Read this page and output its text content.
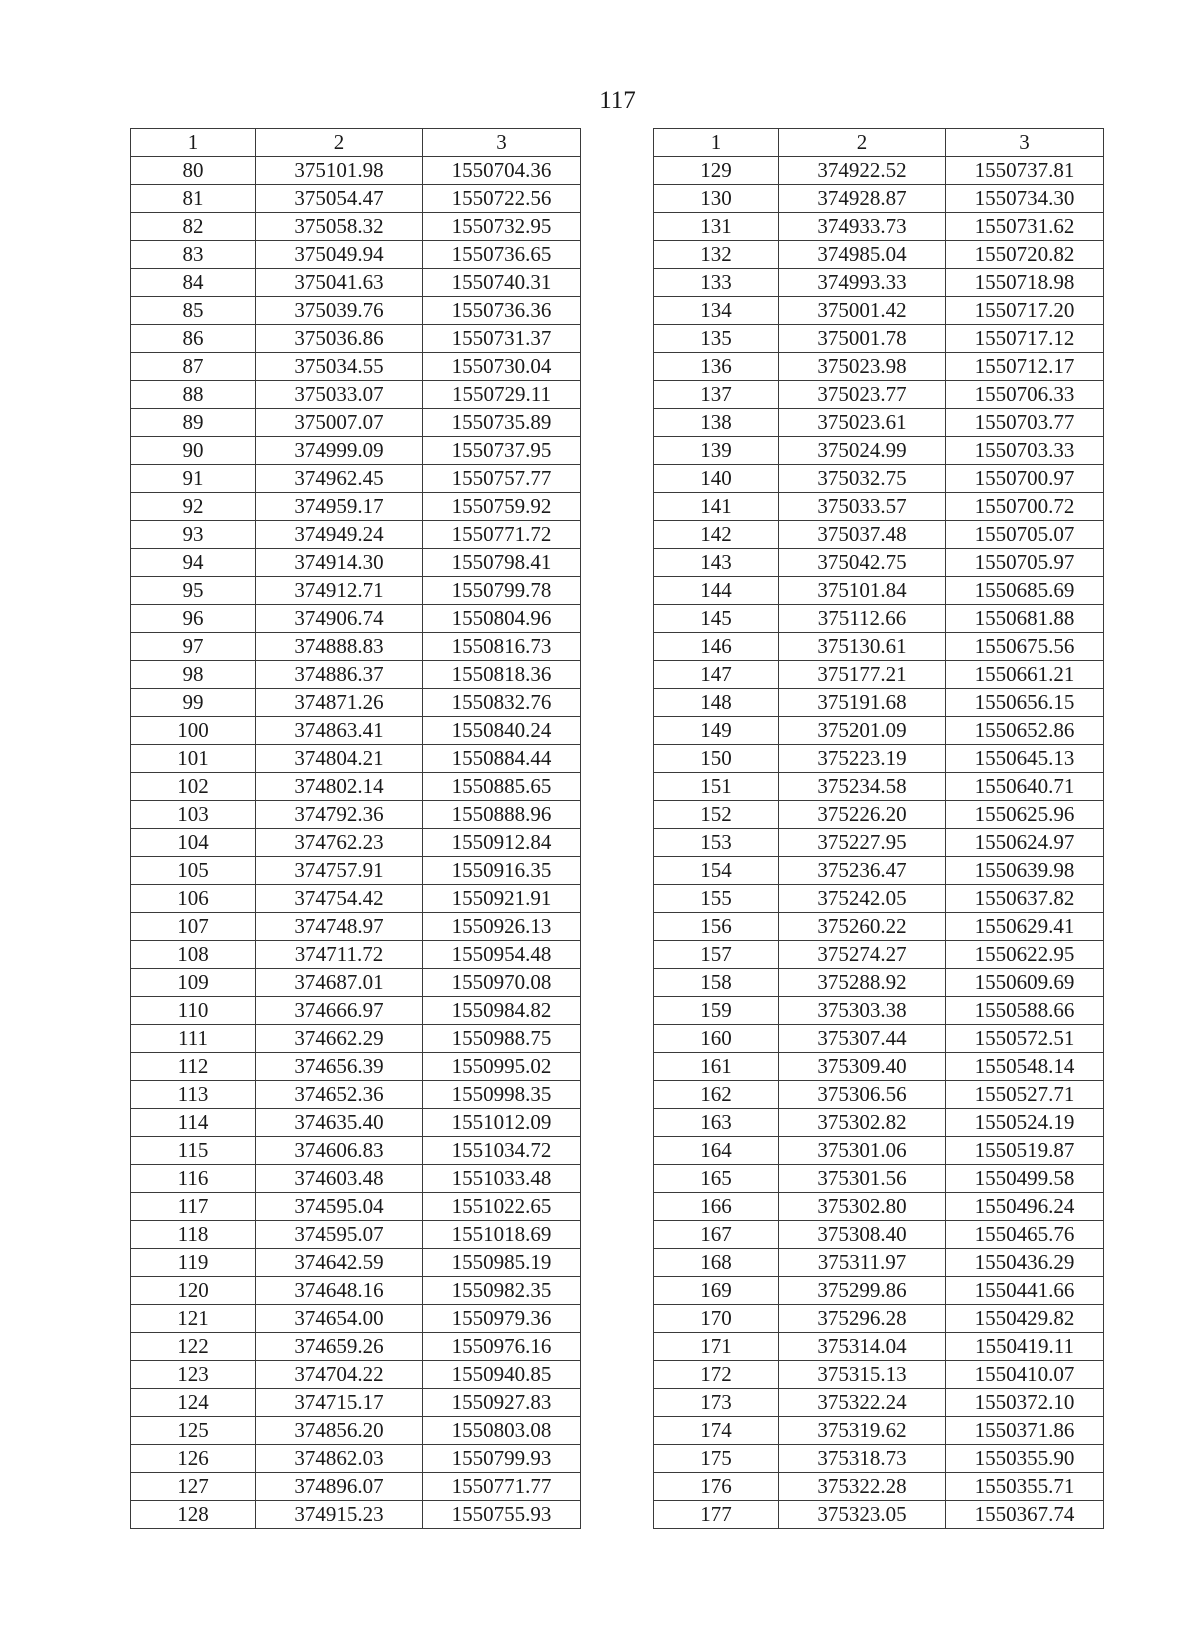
117
1	2	3
80	375101.98	1550704.36
81	375054.47	1550722.56
82	375058.32	1550732.95
83	375049.94	1550736.65
84	375041.63	1550740.31
85	375039.76	1550736.36
86	375036.86	1550731.37
87	375034.55	1550730.04
88	375033.07	1550729.11
89	375007.07	1550735.89
90	374999.09	1550737.95
91	374962.45	1550757.77
92	374959.17	1550759.92
93	374949.24	1550771.72
94	374914.30	1550798.41
95	374912.71	1550799.78
96	374906.74	1550804.96
97	374888.83	1550816.73
98	374886.37	1550818.36
99	374871.26	1550832.76
100	374863.41	1550840.24
101	374804.21	1550884.44
102	374802.14	1550885.65
103	374792.36	1550888.96
104	374762.23	1550912.84
105	374757.91	1550916.35
106	374754.42	1550921.91
107	374748.97	1550926.13
108	374711.72	1550954.48
109	374687.01	1550970.08
110	374666.97	1550984.82
111	374662.29	1550988.75
112	374656.39	1550995.02
113	374652.36	1550998.35
114	374635.40	1551012.09
115	374606.83	1551034.72
116	374603.48	1551033.48
117	374595.04	1551022.65
118	374595.07	1551018.69
119	374642.59	1550985.19
120	374648.16	1550982.35
121	374654.00	1550979.36
122	374659.26	1550976.16
123	374704.22	1550940.85
124	374715.17	1550927.83
125	374856.20	1550803.08
126	374862.03	1550799.93
127	374896.07	1550771.77
128	374915.23	1550755.93
1	2	3
129	374922.52	1550737.81
130	374928.87	1550734.30
131	374933.73	1550731.62
132	374985.04	1550720.82
133	374993.33	1550718.98
134	375001.42	1550717.20
135	375001.78	1550717.12
136	375023.98	1550712.17
137	375023.77	1550706.33
138	375023.61	1550703.77
139	375024.99	1550703.33
140	375032.75	1550700.97
141	375033.57	1550700.72
142	375037.48	1550705.07
143	375042.75	1550705.97
144	375101.84	1550685.69
145	375112.66	1550681.88
146	375130.61	1550675.56
147	375177.21	1550661.21
148	375191.68	1550656.15
149	375201.09	1550652.86
150	375223.19	1550645.13
151	375234.58	1550640.71
152	375226.20	1550625.96
153	375227.95	1550624.97
154	375236.47	1550639.98
155	375242.05	1550637.82
156	375260.22	1550629.41
157	375274.27	1550622.95
158	375288.92	1550609.69
159	375303.38	1550588.66
160	375307.44	1550572.51
161	375309.40	1550548.14
162	375306.56	1550527.71
163	375302.82	1550524.19
164	375301.06	1550519.87
165	375301.56	1550499.58
166	375302.80	1550496.24
167	375308.40	1550465.76
168	375311.97	1550436.29
169	375299.86	1550441.66
170	375296.28	1550429.82
171	375314.04	1550419.11
172	375315.13	1550410.07
173	375322.24	1550372.10
174	375319.62	1550371.86
175	375318.73	1550355.90
176	375322.28	1550355.71
177	375323.05	1550367.74
